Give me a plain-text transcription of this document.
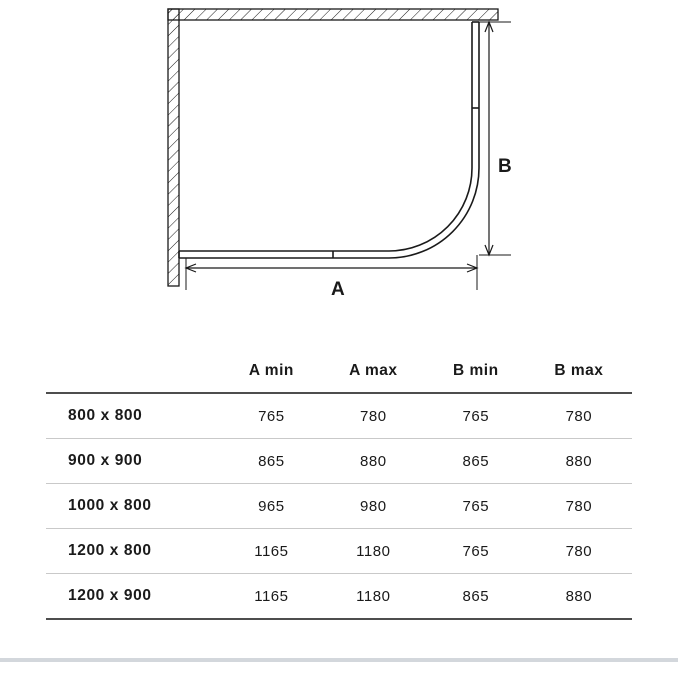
B
A
	A min	A max	B min	B max
800 x 800	765	780	765	780
900 x 900	865	880	865	880
1000 x 800	965	980	765	780
1200 x 800	1165	1180	765	780
1200 x 900	1165	1180	865	880
